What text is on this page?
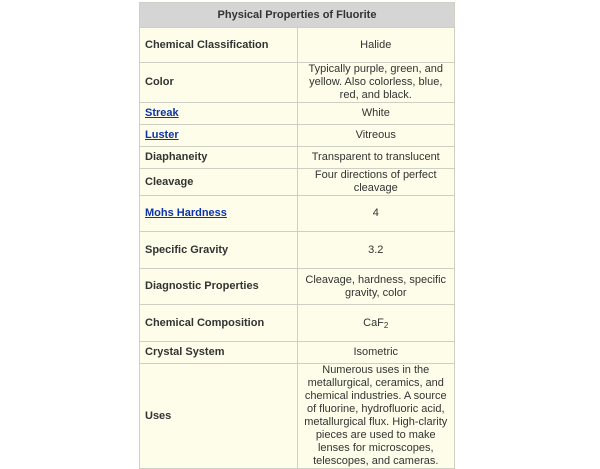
Physical Properties of Fluorite	
Chemical Classification	Halide
Color	Typically purple, green, and yellow. Also colorless, blue, red, and black.
Streak	White
Luster	Vitreous
Diaphaneity	Transparent to translucent
Cleavage	Four directions of perfect cleavage
Mohs Hardness	4
Specific Gravity	3.2
Diagnostic Properties	Cleavage, hardness, specific gravity, color
Chemical Composition	CaF$_2$
Crystal System	Isometric
Uses	Numerous uses in the metallurgical, ceramics, and chemical industries. A source of fluorine, hydrofluoric acid, metallurgical flux. High-clarity pieces are used to make lenses for microscopes, telescopes, and cameras.
